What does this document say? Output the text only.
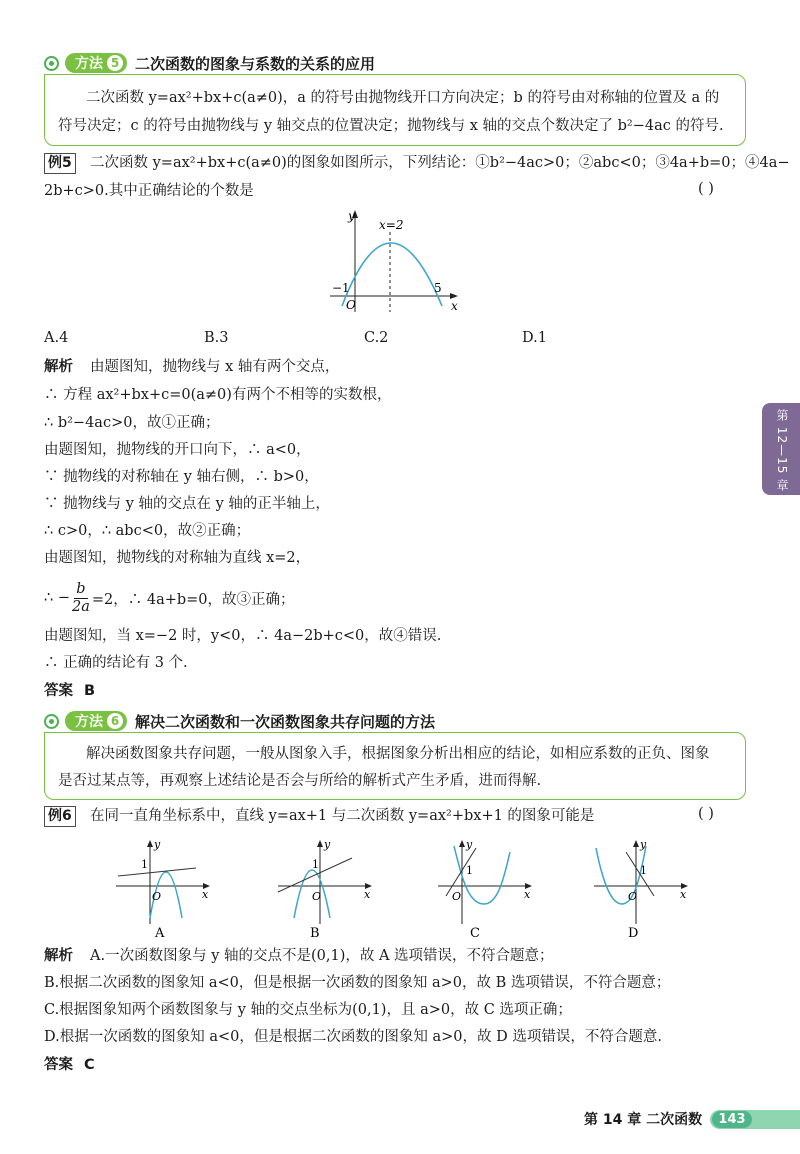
方法 5 二次函数的图象与系数的关系的应用
二次函数 y=ax²+bx+c(a≠0)，a 的符号由抛物线开口方向决定；b 的符号由对称轴的位置及 a 的
符号决定；c 的符号由抛物线与 y 轴交点的位置决定；抛物线与 x 轴的交点个数决定了 b²−4ac 的符号.
例5 二次函数 y=ax²+bx+c(a≠0)的图象如图所示，下列结论：①b²−4ac>0；②abc<0；③4a+b=0；④4a−
2b+c>0.其中正确结论的个数是	( )
y
x
x=2
−1	5
O
A.4	B.3	C.2	D.1
解析 由题图知，抛物线与 x 轴有两个交点，
∴ 方程 ax²+bx+c=0(a≠0)有两个不相等的实数根，
∴ b²−4ac>0，故①正确；
由题图知，抛物线的开口向下，∴ a<0，
∵ 抛物线的对称轴在 y 轴右侧，∴ b>0，
∵ 抛物线与 y 轴的交点在 y 轴的正半轴上，
∴ c>0，∴ abc<0，故②正确；
由题图知，抛物线的对称轴为直线 x=2，
∴ − $\frac{b}{2a} =2$，∴ 4a+b=0，故③正确；
由题图知，当 x=−2 时，y<0，∴ 4a−2b+c<0，故④错误.
∴ 正确的结论有 3 个.
答案 B
方法 6 解决二次函数和一次函数图象共存问题的方法
解决函数图象共存问题，一般从图象入手，根据图象分析出相应的结论，如相应系数的正负、图象
是否过某点等，再观察上述结论是否会与所给的解析式产生矛盾，进而得解.
例6 在同一直角坐标系中，直线 y=ax+1 与二次函数 y=ax²+bx+1 的图象可能是	( )
y
x
O
1
A
y
x
O
1
B
y
x
O
1
C
y
x
O
1
D
解析 A.一次函数图象与 y 轴的交点不是(0,1)，故 A 选项错误，不符合题意；
B.根据二次函数的图象知 a<0，但是根据一次函数的图象知 a>0，故 B 选项错误，不符合题意；
C.根据图象知两个函数图象与 y 轴的交点坐标为(0,1)，且 a>0，故 C 选项正确；
D.根据一次函数的图象知 a<0，但是根据二次函数的图象知 a>0，故 D 选项错误，不符合题意.
答案 C
第 12—15 章
第 14 章 二次函数	143
